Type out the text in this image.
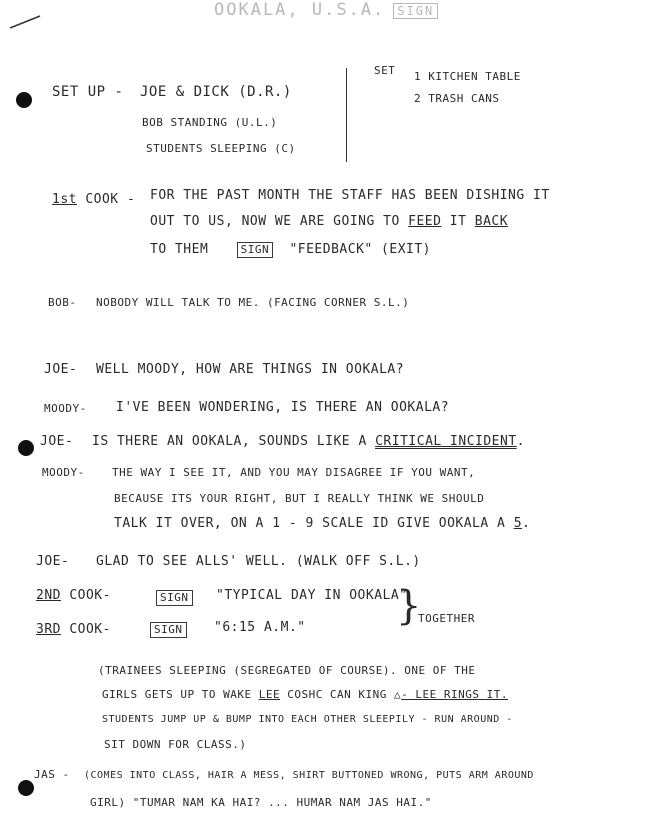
OOKALA, U.S.A. SIGN
SET UP - JOE & DICK (D.R.)
BOB STANDING (U.L.)
STUDENTS SLEEPING (C)
SET 1 KITCHEN TABLE
2 TRASH CANS
1st COOK - FOR THE PAST MONTH THE STAFF HAS BEEN DISHING IT
OUT TO US, NOW WE ARE GOING TO FEED IT BACK
TO THEM	SIGN "FEEDBACK" (EXIT)
BOB- NOBODY WILL TALK TO ME. (FACING CORNER S.L.)
JOE- WELL MOODY, HOW ARE THINGS IN OOKALA?
MOODY- I'VE BEEN WONDERING, IS THERE AN OOKALA?
JOE- IS THERE AN OOKALA, SOUNDS LIKE A CRITICAL INCIDENT.
MOODY- THE WAY I SEE IT, AND YOU MAY DISAGREE IF YOU WANT,
BECAUSE ITS YOUR RIGHT, BUT I REALLY THINK WE SHOULD
TALK IT OVER, ON A 1 - 9 SCALE ID GIVE OOKALA A 5.
JOE- GLAD TO SEE ALLS' WELL. (WALK OFF S.L.)
2ND COOK-	SIGN	"TYPICAL DAY IN OOKALA"
3RD COOK-	SIGN	"6:15 A.M." }
TOGETHER
(TRAINEES SLEEPING (SEGREGATED OF COURSE). ONE OF THE
GIRLS GETS UP TO WAKE LEE COSHC CAN KING △- LEE RINGS IT.
STUDENTS JUMP UP & BUMP INTO EACH OTHER SLEEPILY - RUN AROUND -
SIT DOWN FOR CLASS.)
JAS - (COMES INTO CLASS, HAIR A MESS, SHIRT BUTTONED WRONG, PUTS ARM AROUND
GIRL) "TUMAR NAM KA HAI? ... HUMAR NAM JAS HAI."
